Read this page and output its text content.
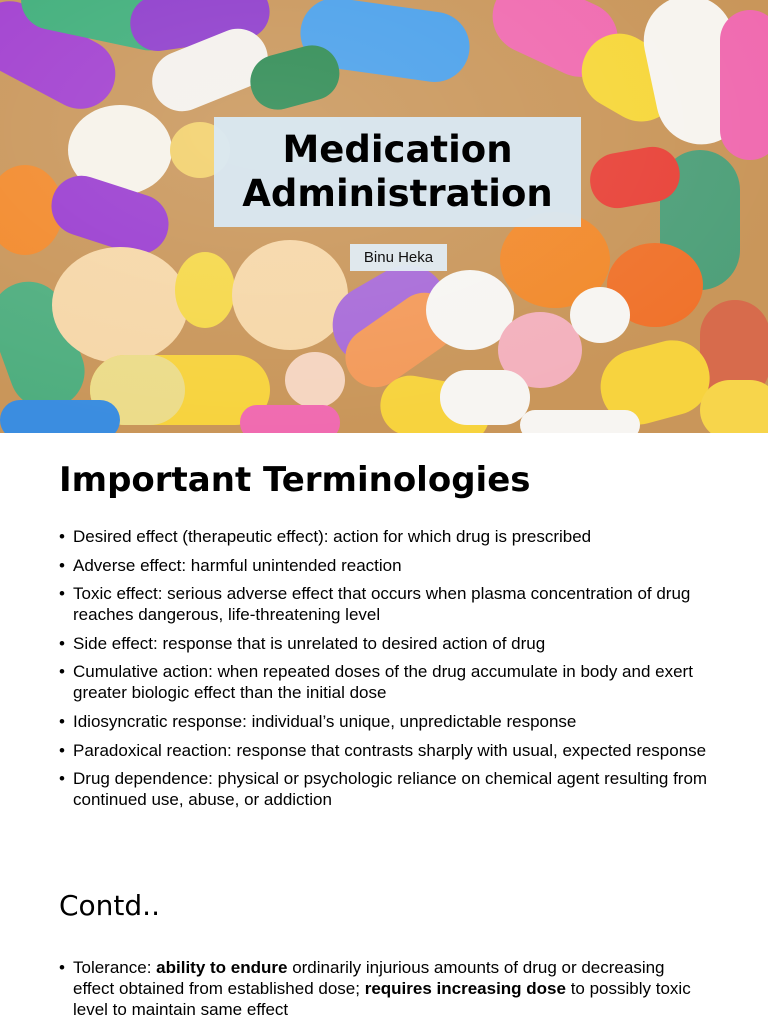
Medication
Administration
Binu Heka
Important Terminologies
• Desired effect (therapeutic effect): action for which drug is prescribed
• Adverse effect: harmful unintended reaction
• Toxic effect: serious adverse effect that occurs when plasma concentration of drug reaches dangerous, life-threatening level
• Side effect: response that is unrelated to desired action of drug
• Cumulative action: when repeated doses of the drug accumulate in body and exert greater biologic effect than the initial dose
• Idiosyncratic response: individual’s unique, unpredictable response
• Paradoxical reaction: response that contrasts sharply with usual, expected response
• Drug dependence: physical or psychologic reliance on chemical agent resulting from continued use, abuse, or addiction
Contd..
• Tolerance: ability to endure ordinarily injurious amounts of drug or decreasing effect obtained from established dose; requires increasing dose to possibly toxic level to maintain same effect
